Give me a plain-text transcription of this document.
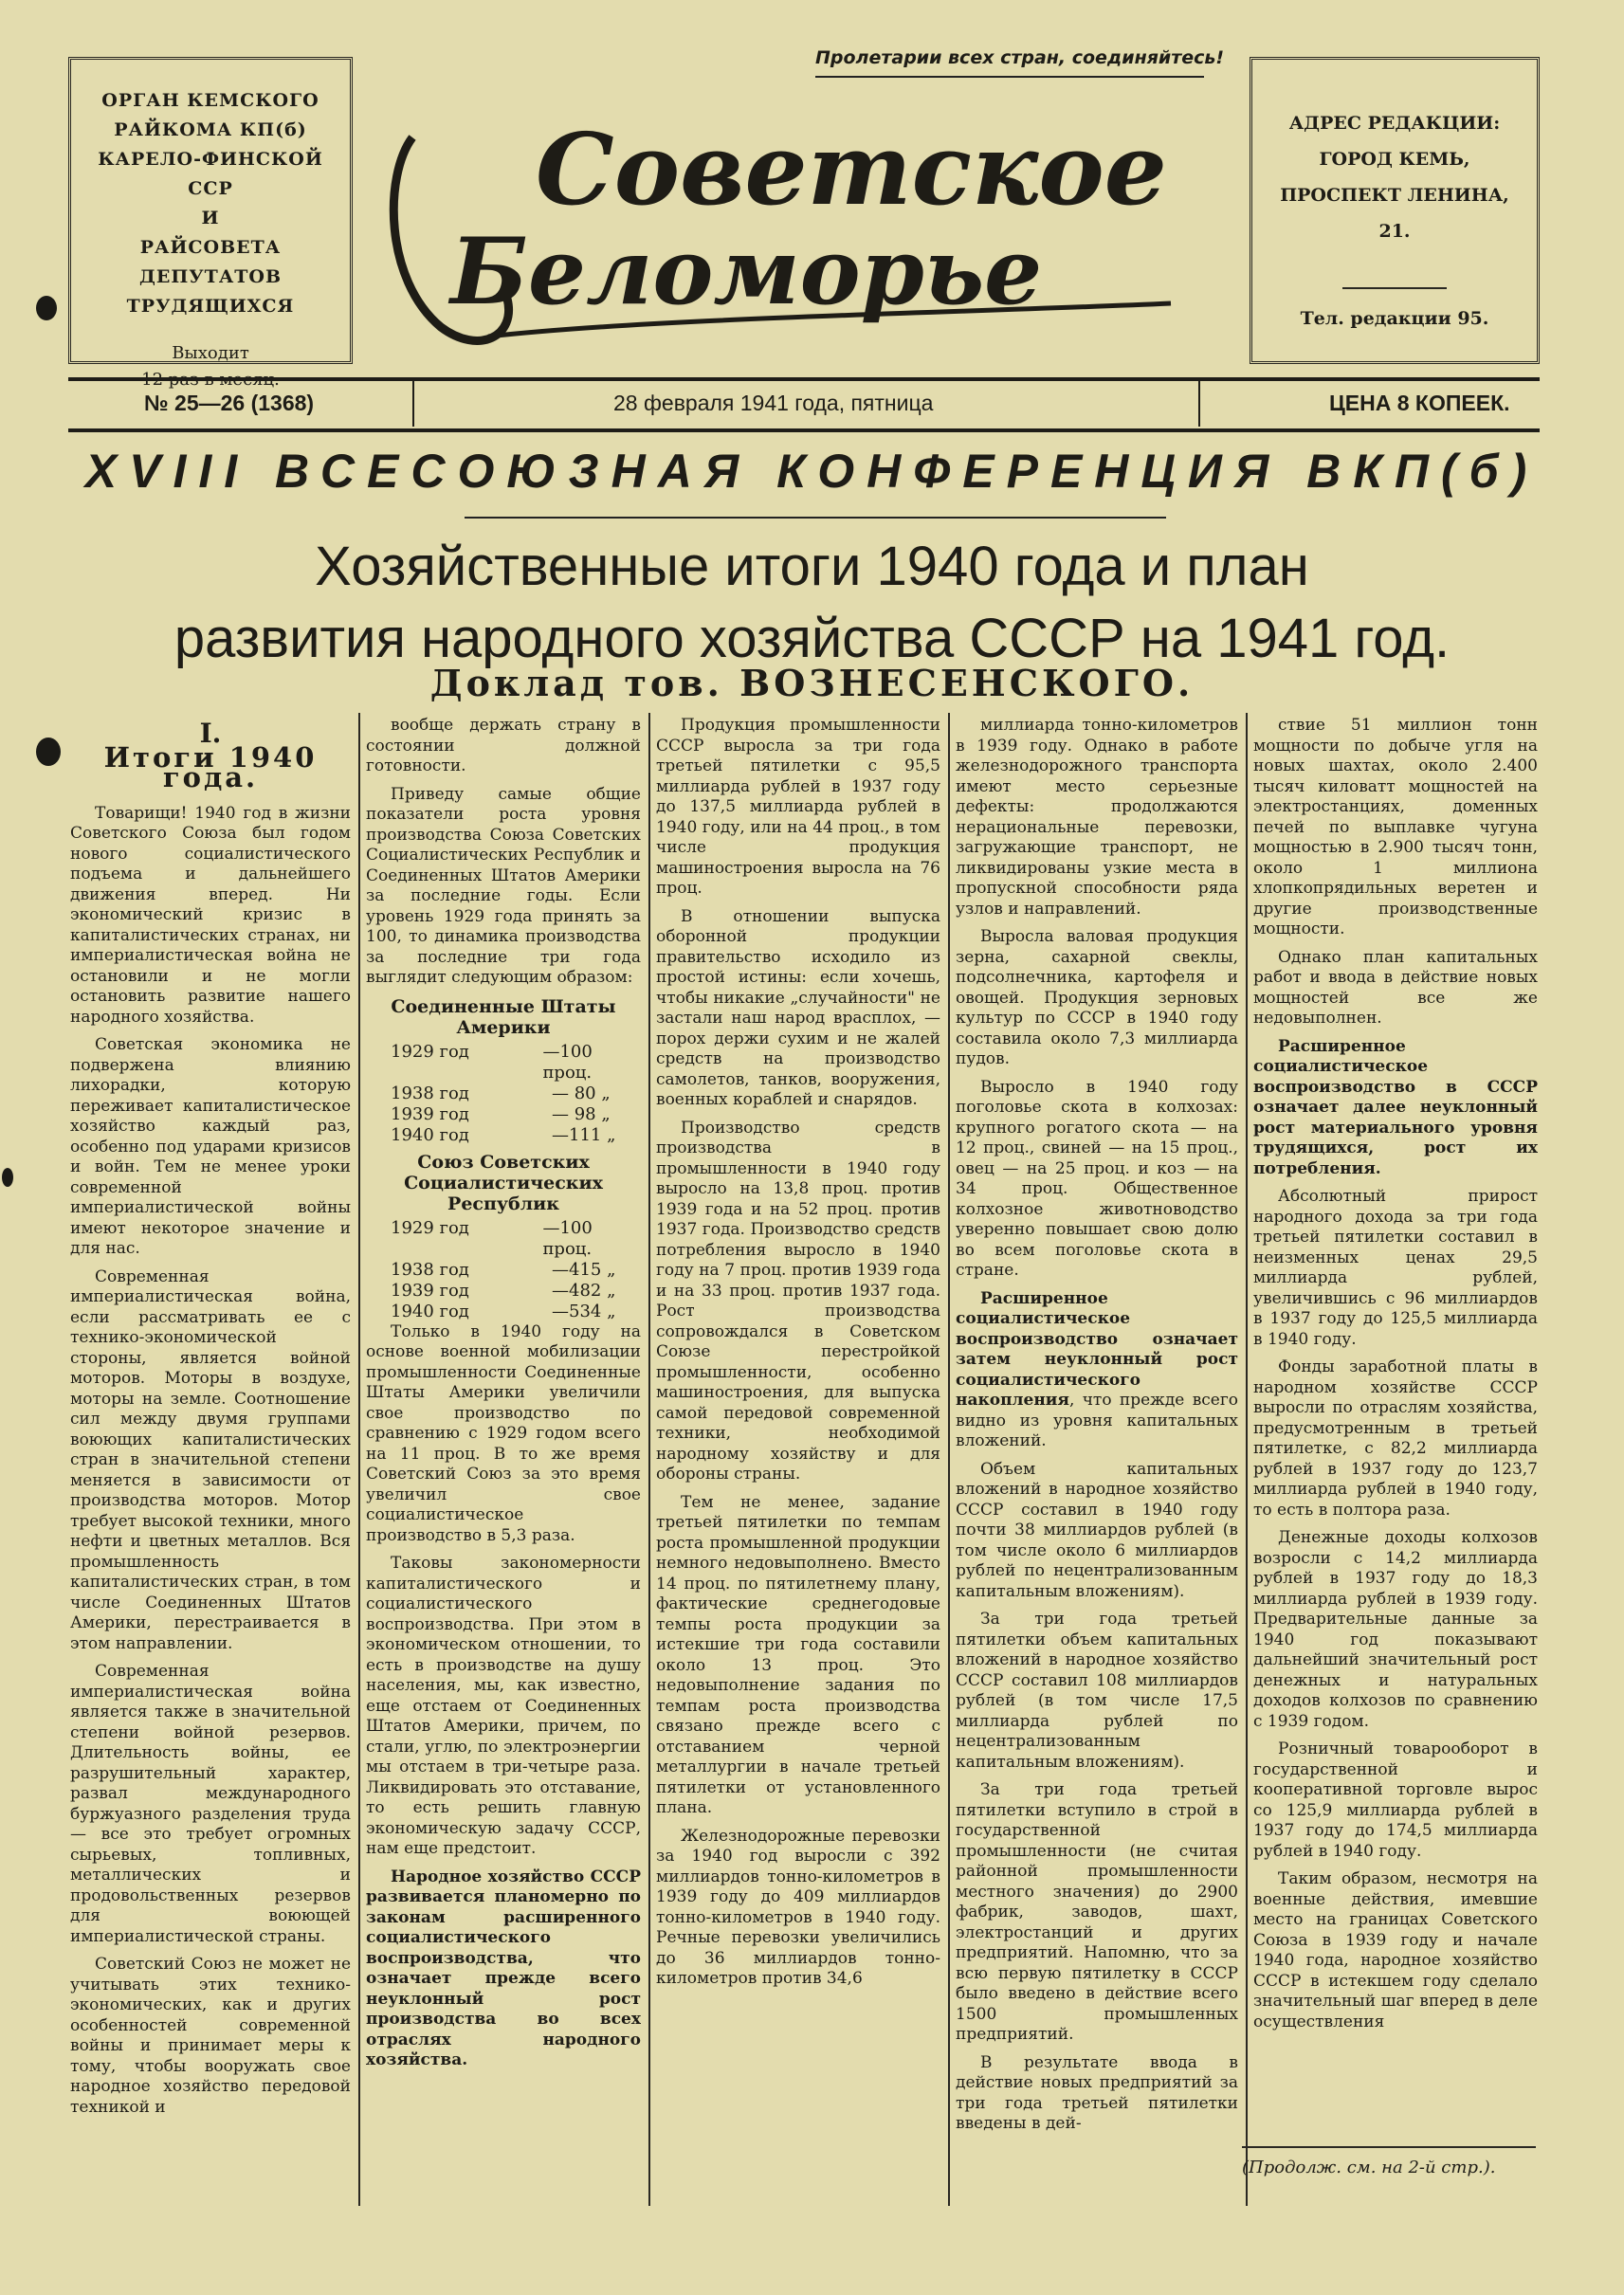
ОРГАН КЕМСКОГО
РАЙКОМА КП(б)
КАРЕЛО-ФИНСКОЙ ССР
И
РАЙСОВЕТА ДЕПУТАТОВ
ТРУДЯЩИХСЯ
Выходит
12 раз в месяц.
Пролетарии всех стран, соединяйтесь!
Советское
Беломорье
АДРЕС РЕДАКЦИИ:
ГОРОД КЕМЬ,
ПРОСПЕКТ ЛЕНИНА, 21.
Тел. редакции 95.
№ 25—26 (1368)	28 февраля 1941 года, пятница	ЦЕНА 8 КОПЕЕК.
XVIII ВСЕСОЮЗНАЯ КОНФЕРЕНЦИЯ ВКП(б)
Хозяйственные итоги 1940 года и план
развития народного хозяйства СССР на 1941 год.
Доклад тов. ВОЗНЕСЕНСКОГО.
I.
Итоги 1940 года.

Товарищи! 1940 год в жизни Советского Союза был годом нового социалистического подъема и дальнейшего движения вперед. Ни экономический кризис в капиталистических странах, ни империалистическая война не остановили и не могли остановить развитие нашего народного хозяйства.

Советская экономика не подвержена влиянию лихорадки, которую переживает капиталистическое хозяйство каждый раз, особенно под ударами кризисов и войн. Тем не менее уроки современной империалистической войны имеют некоторое значение и для нас.

Современная империалистическая война, если рассматривать ее с технико-экономической стороны, является войной моторов. Моторы в воздухе, моторы на земле. Соотношение сил между двумя группами воюющих капиталистических стран в значительной степени меняется в зависимости от производства моторов. Мотор требует высокой техники, много нефти и цветных металлов. Вся промышленность капиталистических стран, в том числе Соединенных Штатов Америки, перестраивается в этом направлении.

Современная империалистическая война является также в значительной степени войной резервов. Длительность войны, ее разрушительный характер, развал международного буржуазного разделения труда — все это требует огромных сырьевых, топливных, металлических и продовольственных резервов для воюющей империалистической страны.

Советский Союз не может не учитывать этих технико-экономических, как и других особенностей современной войны и принимает меры к тому, чтобы вооружать свое народное хозяйство передовой техникой и

вообще держать страну в состоянии должной готовности.

Приведу самые общие показатели роста уровня производства Союза Советских Социалистических Республик и Соединенных Штатов Америки за последние годы. Если уровень 1929 года принять за 100, то динамика производства за последние три года выглядит следующим образом:

Соединенные Штаты Америки
1929 год	—100 проц.
1938 год	— 80 „
1939 год	— 98 „
1940 год	—111 „
Союз Советских Социалистических Республик
1929 год	—100 проц.
1938 год	—415 „
1939 год	—482 „
1940 год	—534 „

Только в 1940 году на основе военной мобилизации промышленности Соединенные Штаты Америки увеличили свое производство по сравнению с 1929 годом всего на 11 проц. В то же время Советский Союз за это время увеличил свое социалистическое производство в 5,3 раза.

Таковы закономерности капиталистического и социалистического воспроизводства. При этом в экономическом отношении, то есть в производстве на душу населения, мы, как известно, еще отстаем от Соединенных Штатов Америки, причем, по стали, углю, по электроэнергии мы отстаем в три-четыре раза. Ликвидировать это отставание, то есть решить главную экономическую задачу СССР, нам еще предстоит.

Народное хозяйство СССР развивается планомерно по законам расширенного социалистического воспроизводства, что означает прежде всего неуклонный рост производства во всех отраслях народного хозяйства.

Продукция промышленности СССР выросла за три года третьей пятилетки с 95,5 миллиарда рублей в 1937 году до 137,5 миллиарда рублей в 1940 году, или на 44 проц., в том числе продукция машиностроения выросла на 76 проц.

В отношении выпуска оборонной продукции правительство исходило из простой истины: если хочешь, чтобы никакие „случайности" не застали наш народ врасплох, — порох держи сухим и не жалей средств на производство самолетов, танков, вооружения, военных кораблей и снарядов.

Производство средств производства в промышленности в 1940 году выросло на 13,8 проц. против 1939 года и на 52 проц. против 1937 года. Производство средств потребления выросло в 1940 году на 7 проц. против 1939 года и на 33 проц. против 1937 года. Рост производства сопровождался в Советском Союзе перестройкой промышленности, особенно машиностроения, для выпуска самой передовой современной техники, необходимой народному хозяйству и для обороны страны.

Тем не менее, задание третьей пятилетки по темпам роста промышленной продукции немного недовыполнено. Вместо 14 проц. по пятилетнему плану, фактические среднегодовые темпы роста продукции за истекшие три года составили около 13 проц. Это недовыполнение задания по темпам роста производства связано прежде всего с отставанием черной металлургии в начале третьей пятилетки от установленного плана.

Железнодорожные перевозки за 1940 год выросли с 392 миллиардов тонно-километров в 1939 году до 409 миллиардов тонно-километров в 1940 году. Речные перевозки увеличились до 36 миллиардов тонно-километров против 34,6

миллиарда тонно-километров в 1939 году. Однако в работе железнодорожного транспорта имеют место серьезные дефекты: продолжаются нерациональные перевозки, загружающие транспорт, не ликвидированы узкие места в пропускной способности ряда узлов и направлений.

Выросла валовая продукция зерна, сахарной свеклы, подсолнечника, картофеля и овощей. Продукция зерновых культур по СССР в 1940 году составила около 7,3 миллиарда пудов.

Выросло в 1940 году поголовье скота в колхозах: крупного рогатого скота — на 12 проц., свиней — на 15 проц., овец — на 25 проц. и коз — на 34 проц. Общественное колхозное животноводство уверенно повышает свою долю во всем поголовье скота в стране.

Расширенное социалистическое воспроизводство означает затем неуклонный рост социалистического накопления, что прежде всего видно из уровня капитальных вложений.

Объем капитальных вложений в народное хозяйство СССР составил в 1940 году почти 38 миллиардов рублей (в том числе около 6 миллиардов рублей по нецентрализованным капитальным вложениям).

За три года третьей пятилетки объем капитальных вложений в народное хозяйство СССР составил 108 миллиардов рублей (в том числе 17,5 миллиарда рублей по нецентрализованным капитальным вложениям).

За три года третьей пятилетки вступило в строй в государственной промышленности (не считая районной промышленности местного значения) до 2900 фабрик, заводов, шахт, электростанций и других предприятий. Напомню, что за всю первую пятилетку в СССР было введено в действие всего 1500 промышленных предприятий.

В результате ввода в действие новых предприятий за три года третьей пятилетки введены в дей-

ствие 51 миллион тонн мощности по добыче угля на новых шахтах, около 2.400 тысяч киловатт мощностей на электростанциях, доменных печей по выплавке чугуна мощностью в 2.900 тысяч тонн, около 1 миллиона хлопкопрядильных веретен и другие производственные мощности.

Однако план капитальных работ и ввода в действие новых мощностей все же недовыполнен.

Расширенное социалистическое воспроизводство в СССР означает далее неуклонный рост материального уровня трудящихся, рост их потребления.

Абсолютный прирост народного дохода за три года третьей пятилетки составил в неизменных ценах 29,5 миллиарда рублей, увеличившись с 96 миллиардов в 1937 году до 125,5 миллиарда в 1940 году.

Фонды заработной платы в народном хозяйстве СССР выросли по отраслям хозяйства, предусмотренным в третьей пятилетке, с 82,2 миллиарда рублей в 1937 году до 123,7 миллиарда рублей в 1940 году, то есть в полтора раза.

Денежные доходы колхозов возросли с 14,2 миллиарда рублей в 1937 году до 18,3 миллиарда рублей в 1939 году. Предварительные данные за 1940 год показывают дальнейший значительный рост денежных и натуральных доходов колхозов по сравнению с 1939 годом.

Розничный товарооборот в государственной и кооперативной торговле вырос со 125,9 миллиарда рублей в 1937 году до 174,5 миллиарда рублей в 1940 году.

Таким образом, несмотря на военные действия, имевшие место на границах Советского Союза в 1939 году и начале 1940 года, народное хозяйство СССР в истекшем году сделало значительный шаг вперед в деле осуществления

(Продолж. см. на 2-й стр.).
